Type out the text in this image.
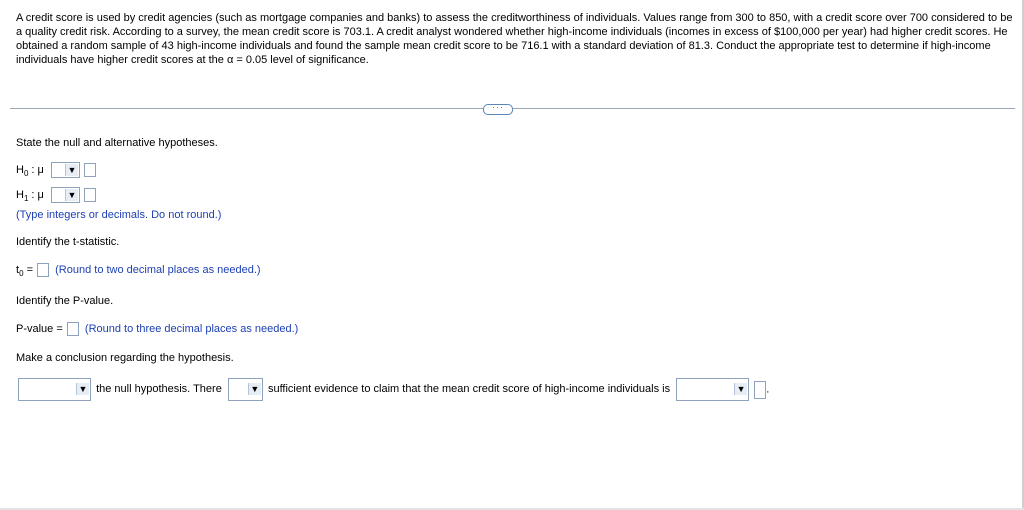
A credit score is used by credit agencies (such as mortgage companies and banks) to assess the creditworthiness of individuals. Values range from 300 to 850, with a credit score over 700 considered to be a quality credit risk. According to a survey, the mean credit score is 703.1. A credit analyst wondered whether high-income individuals (incomes in excess of $100,000 per year) had higher credit scores. He obtained a random sample of 43 high-income individuals and found the sample mean credit score to be 716.1 with a standard deviation of 81.3. Conduct the appropriate test to determine if high-income individuals have higher credit scores at the α = 0.05 level of significance.
···
State the null and alternative hypotheses.
$H_0$ : μ	▼

$H_1$ : μ	▼

(Type integers or decimals. Do not round.)
Identify the t-statistic.
$t_0$ = (Round to two decimal places as needed.)
Identify the P-value.
P-value = (Round to three decimal places as needed.)
Make a conclusion regarding the hypothesis.
▼ the null hypothesis. There	▼ sufficient evidence to claim that the mean credit score of high-income individuals is	▼ .
